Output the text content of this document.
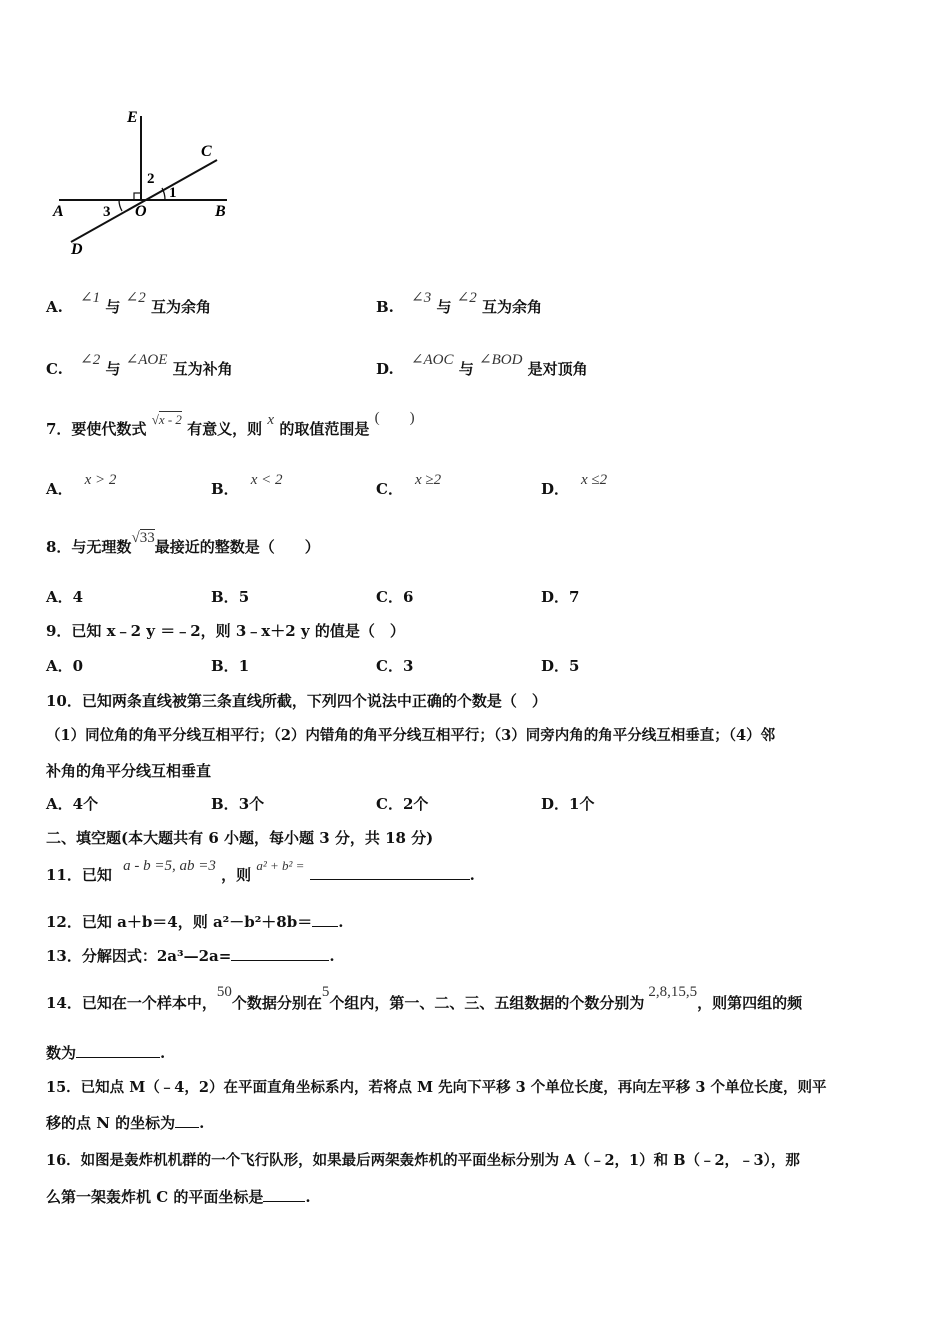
E
C
A	O	B
D
1
2
3
A. ∠1 与 ∠2 互为余角	B. ∠3 与 ∠2 互为余角
C. ∠2 与 ∠AOE 互为补角	D. ∠AOC 与 ∠BOD 是对顶角
7．要使代数式 √x - 2 有意义，则 x 的取值范围是 (　　)
A． x > 2	B． x < 2	C． x ≥2	D． x ≤2
8．与无理数√33最接近的整数是（　　）
A．4	B．5	C．6	D．7
9．已知 x﹣2 y ＝﹣2，则 3﹣x＋2 y 的值是（　）
A．0	B．1	C．3	D．5
10．已知两条直线被第三条直线所截，下列四个说法中正确的个数是（　）
（1）同位角的角平分线互相平行；（2）内错角的角平分线互相平行；（3）同旁内角的角平分线互相垂直；（4）邻
补角的角平分线互相垂直
A．4个	B．3个	C．2个	D．1个
二、填空题(本大题共有 6 小题，每小题 3 分，共 18 分)
11．已知 a - b =5, ab =3 ，则 a² + b² = .
12．已知 a＋b＝4，则 a²－b²＋8b＝ .
13．分解因式：2a³—2a=	.
14．已知在一个样本中，50个数据分别在5个组内，第一、二、三、五组数据的个数分别为2,8,15,5，则第四组的频
数为	.
15．已知点 M（﹣4，2）在平面直角坐标系内，若将点 M 先向下平移 3 个单位长度，再向左平移 3 个单位长度，则平
移的点 N 的坐标为 .
16．如图是轰炸机机群的一个飞行队形，如果最后两架轰炸机的平面坐标分别为 A（﹣2，1）和 B（﹣2，﹣3），那
么第一架轰炸机 C 的平面坐标是	.
